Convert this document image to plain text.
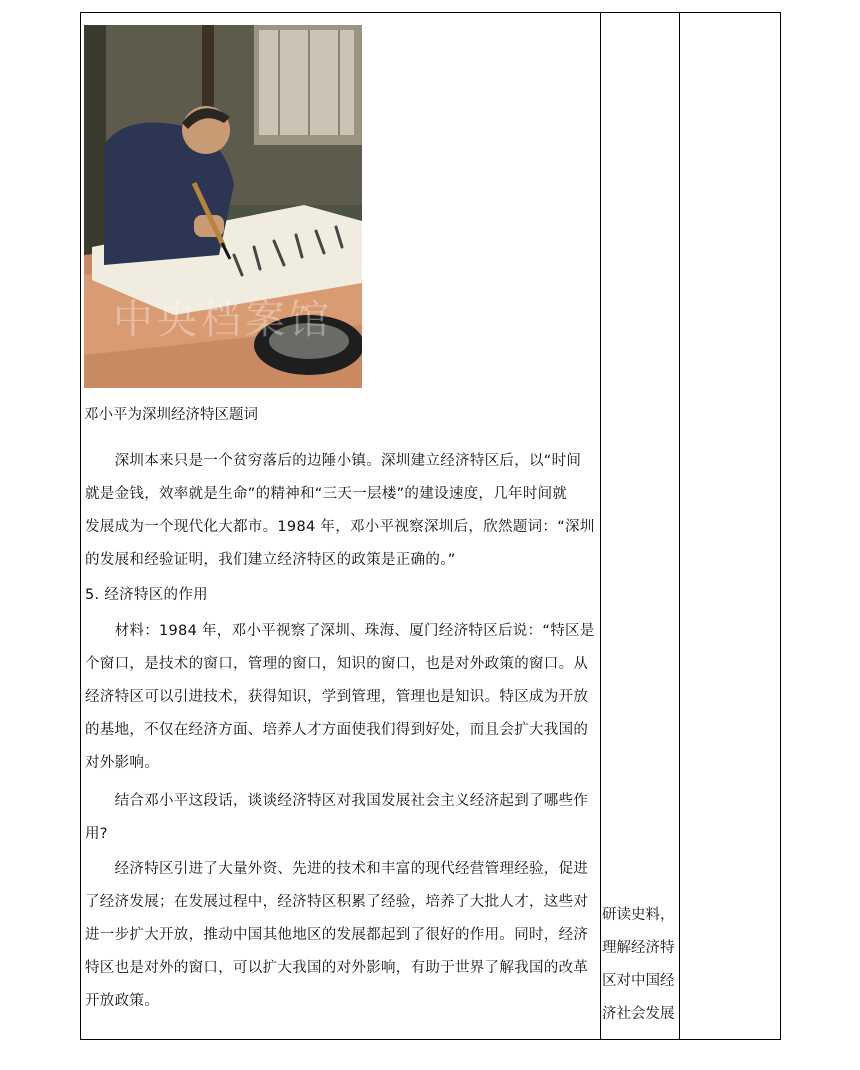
中央档案馆
邓小平为深圳经济特区题词
　　深圳本来只是一个贫穷落后的边陲小镇。深圳建立经济特区后，以“时间
就是金钱，效率就是生命”的精神和“三天一层楼”的建设速度，几年时间就
发展成为一个现代化大都市。1984 年，邓小平视察深圳后，欣然题词：“深圳
的发展和经验证明，我们建立经济特区的政策是正确的。”
5. 经济特区的作用
　　材料：1984 年，邓小平视察了深圳、珠海、厦门经济特区后说：“特区是
个窗口，是技术的窗口，管理的窗口，知识的窗口，也是对外政策的窗口。从
经济特区可以引进技术，获得知识，学到管理，管理也是知识。特区成为开放
的基地，不仅在经济方面、培养人才方面使我们得到好处，而且会扩大我国的
对外影响。
　　结合邓小平这段话，谈谈经济特区对我国发展社会主义经济起到了哪些作
用?
　　经济特区引进了大量外资、先进的技术和丰富的现代经营管理经验，促进
了经济发展；在发展过程中，经济特区积累了经验，培养了大批人才，这些对
进一步扩大开放，推动中国其他地区的发展都起到了很好的作用。同时，经济
特区也是对外的窗口，可以扩大我国的对外影响，有助于世界了解我国的改革
开放政策。
研读史料，
理解经济特
区对中国经
济社会发展
